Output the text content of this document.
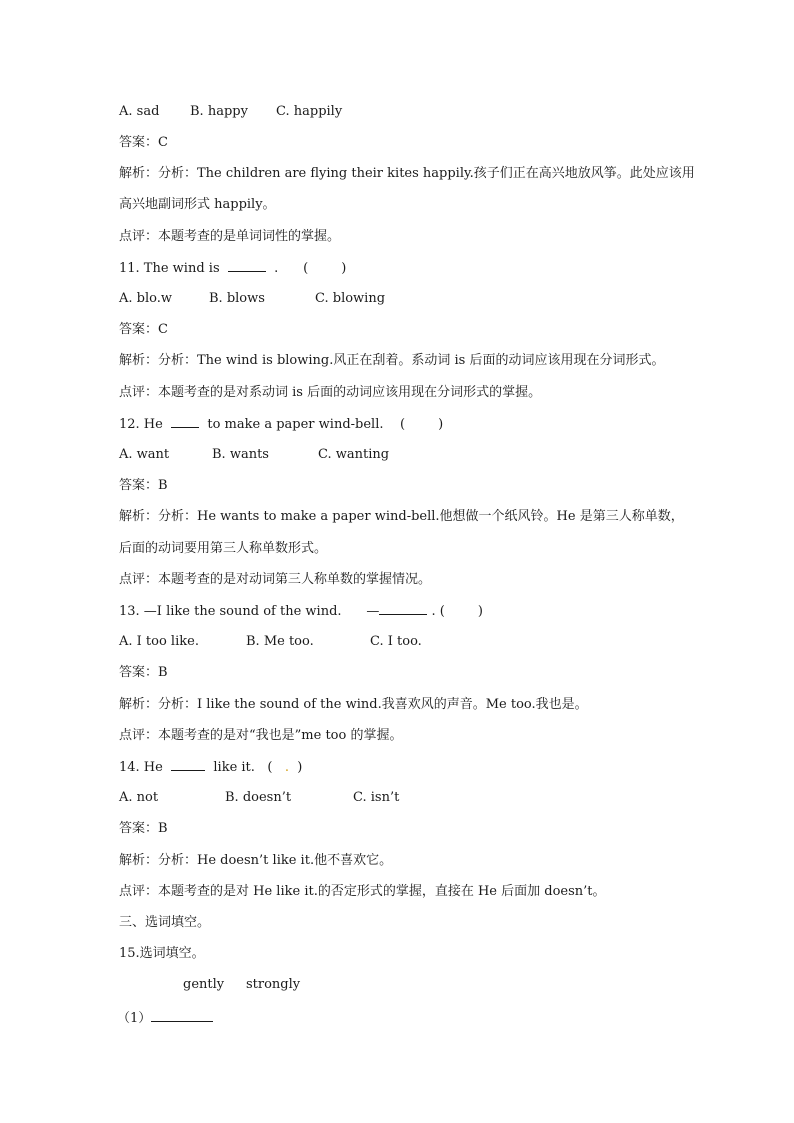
A. sad B. happy C. happily
答案：C
解析：分析：The children are flying their kites happily.孩子们正在高兴地放风筝。此处应该用
高兴地副词形式 happily。
点评：本题考查的是单词词性的掌握。
11. The wind is	. (        )
A. blo.w	B. blows	C. blowing
答案：C
解析：分析：The wind is blowing.风正在刮着。系动词 is 后面的动词应该用现在分词形式。
点评：本题考查的是对系动词 is 后面的动词应该用现在分词形式的掌握。
12. He	to make a paper wind-bell. (        )
A. want	B. wants	C. wanting
答案：B
解析：分析：He wants to make a paper wind-bell.他想做一个纸风铃。He 是第三人称单数，
后面的动词要用第三人称单数形式。
点评：本题考查的是对动词第三人称单数的掌握情况。
13. —I like the sound of the wind. —	. (        )
A. I too like.	B. Me too.	C. I too.
答案：B
解析：分析：I like the sound of the wind.我喜欢风的声音。Me too.我也是。
点评：本题考查的是对“我也是”me too 的掌握。
14. He	like it. ( . )
A. not	B. doesn’t	C. isn’t
答案：B
解析：分析：He doesn’t like it.他不喜欢它。
点评：本题考查的是对 He like it.的否定形式的掌握，直接在 He 后面加 doesn’t。
三、选词填空。
15.选词填空。
gently strongly
（1）
